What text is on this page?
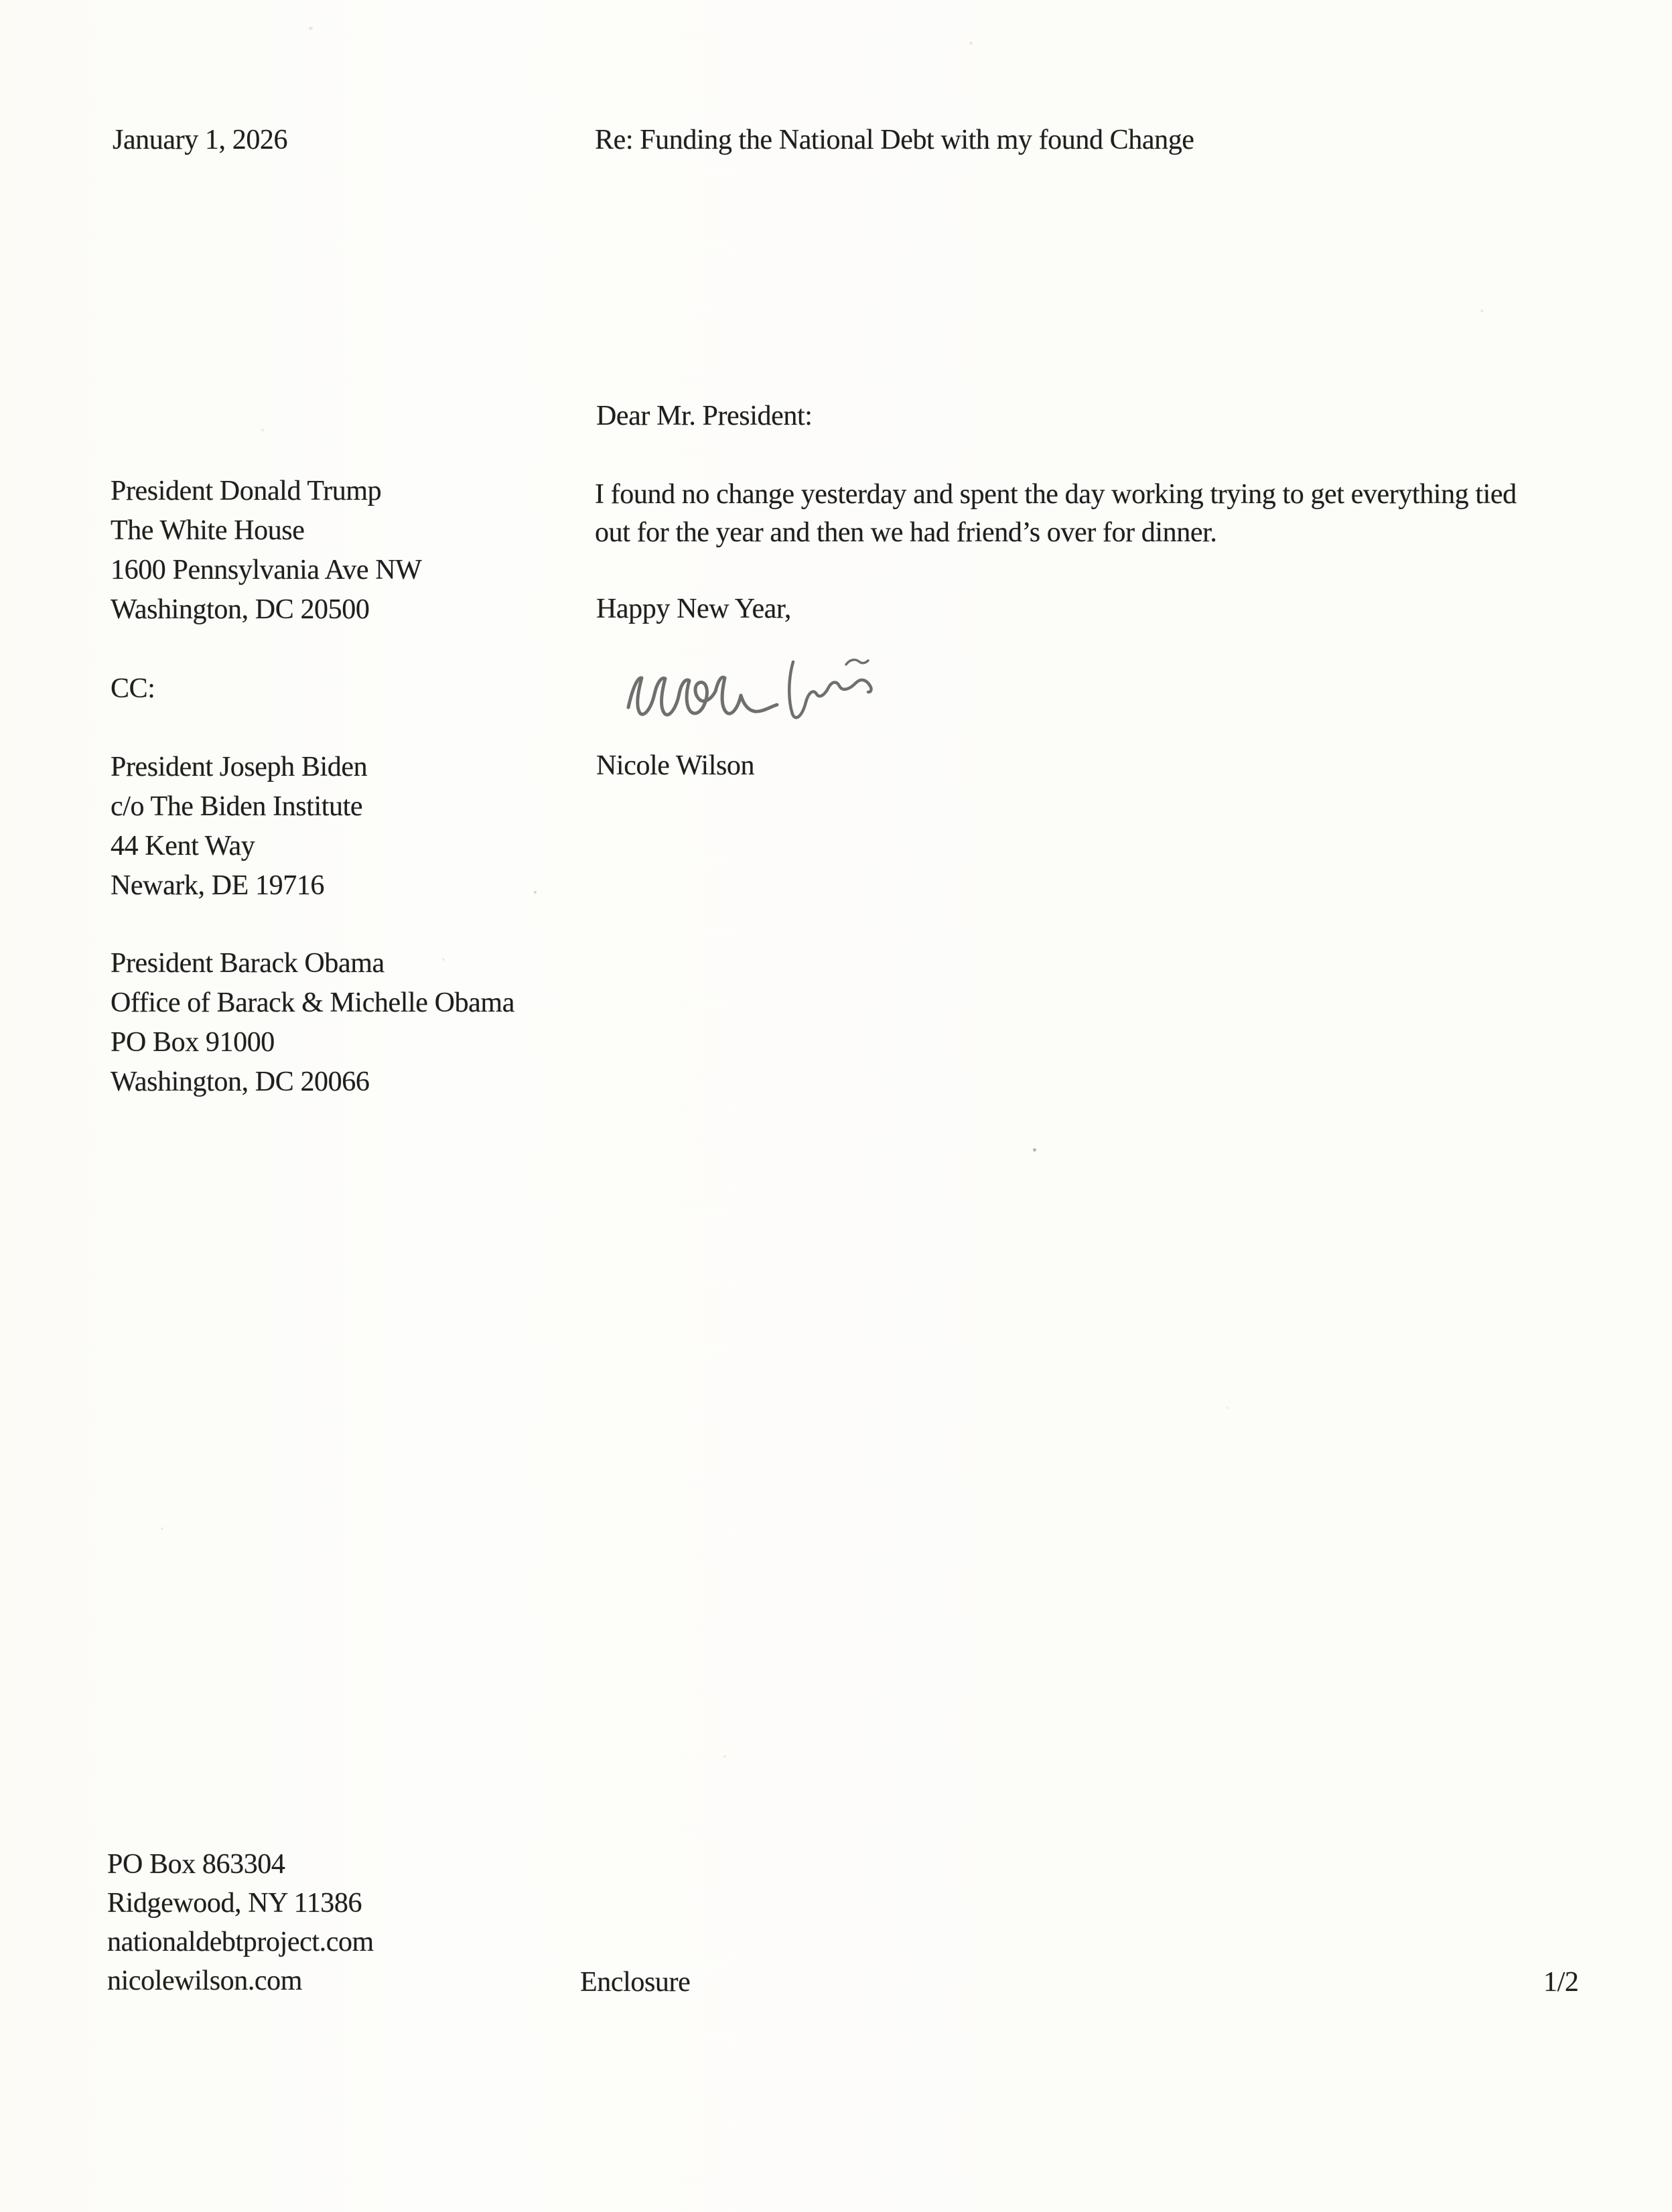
January 1, 2026	Re: Funding the National Debt with my found Change
Dear Mr. President:
President Donald Trump
The White House
1600 Pennsylvania Ave NW
Washington, DC 20500
I found no change yesterday and spent the day working trying to get everything tied
out for the year and then we had friend’s over for dinner.
Happy New Year,
Nicole Wilson
CC:
President Joseph Biden
c/o The Biden Institute
44 Kent Way
Newark, DE 19716
President Barack Obama
Office of Barack & Michelle Obama
PO Box 91000
Washington, DC 20066
PO Box 863304
Ridgewood, NY 11386
nationaldebtproject.com
nicolewilson.com	Enclosure	1/2
